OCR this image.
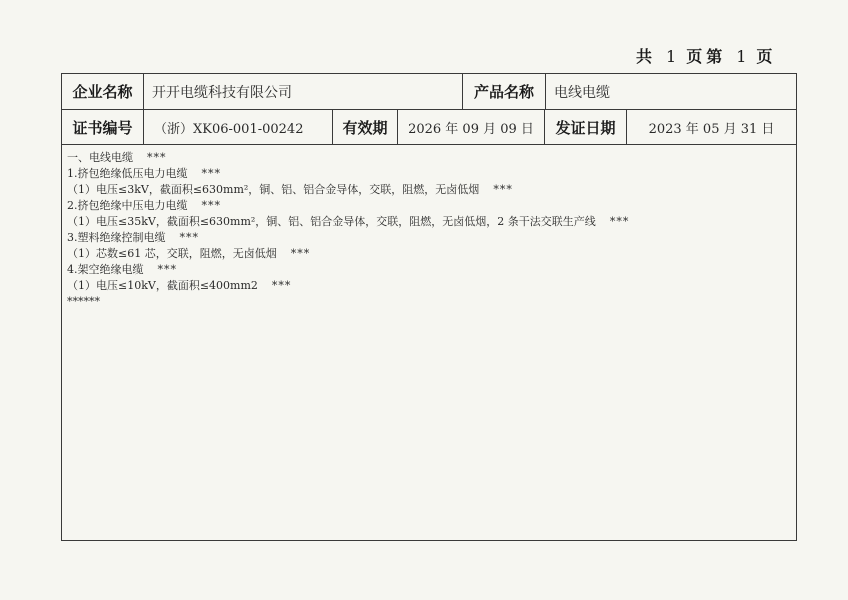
共 1 页 第 1 页
企业名称	开开电缆科技有限公司	产品名称	电线电缆
证书编号	（浙）XK06-001-00242	有效期	2026 年 09 月 09 日	发证日期	2023 年 05 月 31 日
一、电线电缆 ***
1.挤包绝缘低压电力电缆 ***
（1）电压≤3kV，截面积≤630mm²，铜、铝、铝合金导体，交联，阻燃，无卤低烟 ***
2.挤包绝缘中压电力电缆 ***
（1）电压≤35kV，截面积≤630mm²，铜、铝、铝合金导体，交联，阻燃，无卤低烟，2 条干法交联生产线 ***
3.塑料绝缘控制电缆 ***
（1）芯数≤61 芯，交联，阻燃，无卤低烟 ***
4.架空绝缘电缆 ***
（1）电压≤10kV，截面积≤400mm2 ***
******
